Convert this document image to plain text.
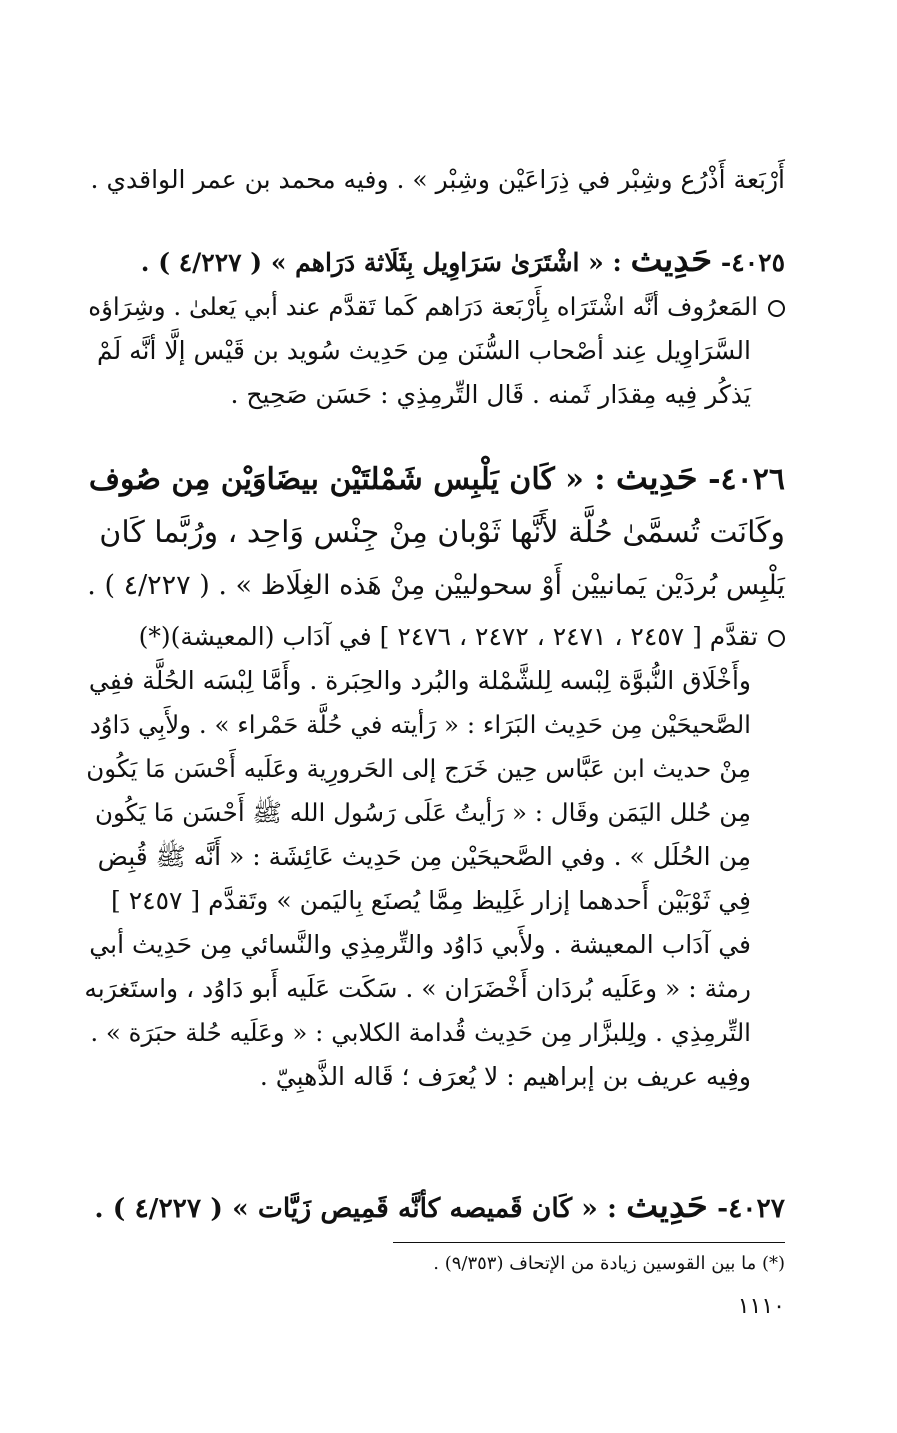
أَرْبَعة أَذْرُع وشِبْر في ذِرَاعَيْن وشِبْر » . وفيه محمد بن عمر الواقدي .
٤٠٢٥- حَدِيث : « اشْتَرَىٰ سَرَاوِيل بِثَلَاثة دَرَاهم » ( ٤/٢٢٧ ) .
المَعرُوف أنَّه اشْتَرَاه بِأَرْبَعة دَرَاهم كَما تَقدَّم عند أبي يَعلىٰ . وشِرَاؤه
السَّرَاوِيل عِند أصْحاب السُّنَن مِن حَدِيث سُويد بن قَيْس إلَّا أنَّه لَمْ
يَذكُر فِيه مِقدَار ثَمنه . قَال التِّرمِذِي : حَسَن صَحِيح .
٤٠٢٦- حَدِيث : « كَان يَلْبِس شَمْلتَيْن بيضَاوَيْن مِن صُوف
وكَانَت تُسمَّىٰ حُلَّة لأَنَّها ثَوْبان مِنْ جِنْس وَاحِد ، ورُبَّما كَان
يَلْبِس بُردَيْن يَمانييْن أَوْ سحولييْن مِنْ هَذه الغِلَاظ » . ( ٤/٢٢٧ ) .
تقدَّم [ ٢٤٥٧ ، ٢٤٧١ ، ٢٤٧٢ ، ٢٤٧٦ ] في آدَاب (المعيشة)(*)
وأَخْلَاق النُّبوَّة لِبْسه لِلشَّمْلة والبُرد والحِبَرة . وأَمَّا لِبْسَه الحُلَّة ففِي
الصَّحيحَيْن مِن حَدِيث البَرَاء : « رَأيته في حُلَّة حَمْراء » . ولأَبِي دَاوُد
مِنْ حديث ابن عَبَّاس حِين خَرَج إلى الحَرورِية وعَلَيه أَحْسَن مَا يَكُون
مِن حُلل اليَمَن وقَال : « رَأيتُ عَلَى رَسُول الله ﷺ أَحْسَن مَا يَكُون
مِن الحُلَل » . وفي الصَّحيحَيْن مِن حَدِيث عَائِشَة : « أَنَّه ﷺ قُبِض
فِي ثَوْبَيْن أَحدهما إزار غَلِيظ مِمَّا يُصنَع بِاليَمن » وتَقدَّم [ ٢٤٥٧ ]
في آدَاب المعيشة . ولأَبي دَاوُد والتِّرمِذِي والنَّسائي مِن حَدِيث أبي
رمثة : « وعَلَيه بُردَان أَخْضَرَان » . سَكَت عَلَيه أَبو دَاوُد ، واستَغرَبه
التِّرمِذِي . ولِلبزَّار مِن حَدِيث قُدامة الكلابي : « وعَلَيه حُلة حبَرَة » .
وفِيه عريف بن إبراهيم : لا يُعرَف ؛ قَاله الذَّهبِيّ .
٤٠٢٧- حَدِيث : « كَان قَميصه كأنَّه قَمِيص زَيَّات » ( ٤/٢٢٧ ) .
(*) ما بين القوسين زيادة من الإتحاف (٩/٣٥٣) .
١١١٠
